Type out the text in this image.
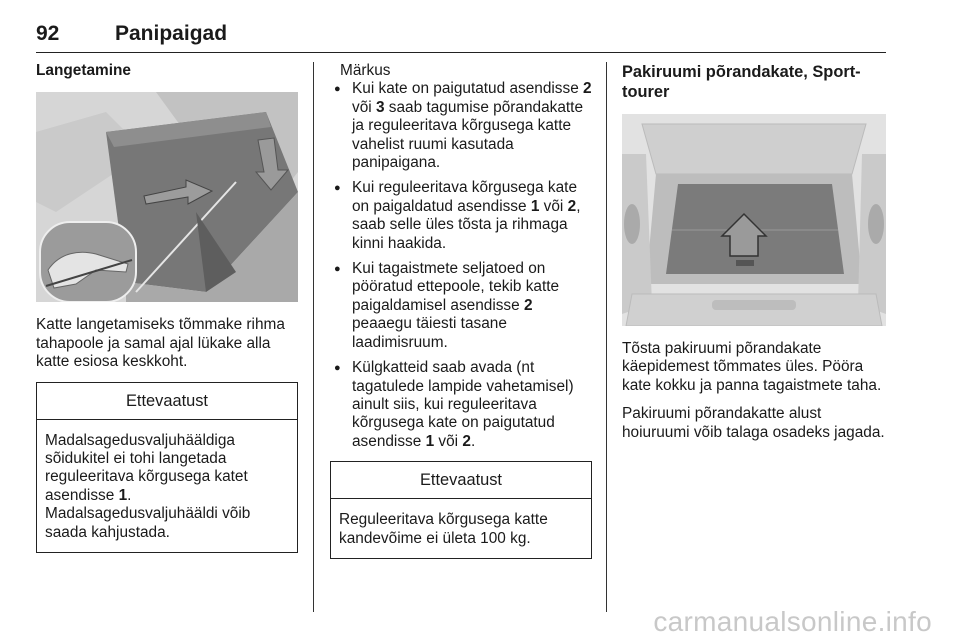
92	Panipaigad

Langetamine

Katte langetamiseks tõmmake rihma tahapoole ja samal ajal lükake alla katte esiosa keskkoht.

Ettevaatust

Madalsagedusvaljuhääldiga sõidukitel ei tohi langetada reguleeritava kõrgusega katet asendisse 1.

Madalsagedusvaljuhääldi võib saada kahjustada.

Märkus

● Kui kate on paigutatud asendisse 2 või 3 saab tagumise põrandakatte ja reguleeritava kõrgusega katte vahelist ruumi kasutada panipaigana.
● Kui reguleeritava kõrgusega kate on paigaldatud asendisse 1 või 2, saab selle üles tõsta ja rihmaga kinni haakida.
● Kui tagaistmete seljatoed on pööratud ettepoole, tekib katte paigaldamisel asendisse 2 peaaegu täiesti tasane laadimisruum.
● Külgkatteid saab avada (nt tagatulede lampide vahetamisel) ainult siis, kui reguleeritava kõrgusega kate on paigutatud asendisse 1 või 2.
Ettevaatust

Reguleeritava kõrgusega katte kandevõime ei ületa 100 kg.

Pakiruumi põrandakate, Sport-tourer

Tõsta pakiruumi põrandakate käepidemest tõmmates üles. Pööra kate kokku ja panna tagaistmete taha.

Pakiruumi põrandakatte alust hoiuruumi võib talaga osadeks jagada.

carmanualsonline.info
